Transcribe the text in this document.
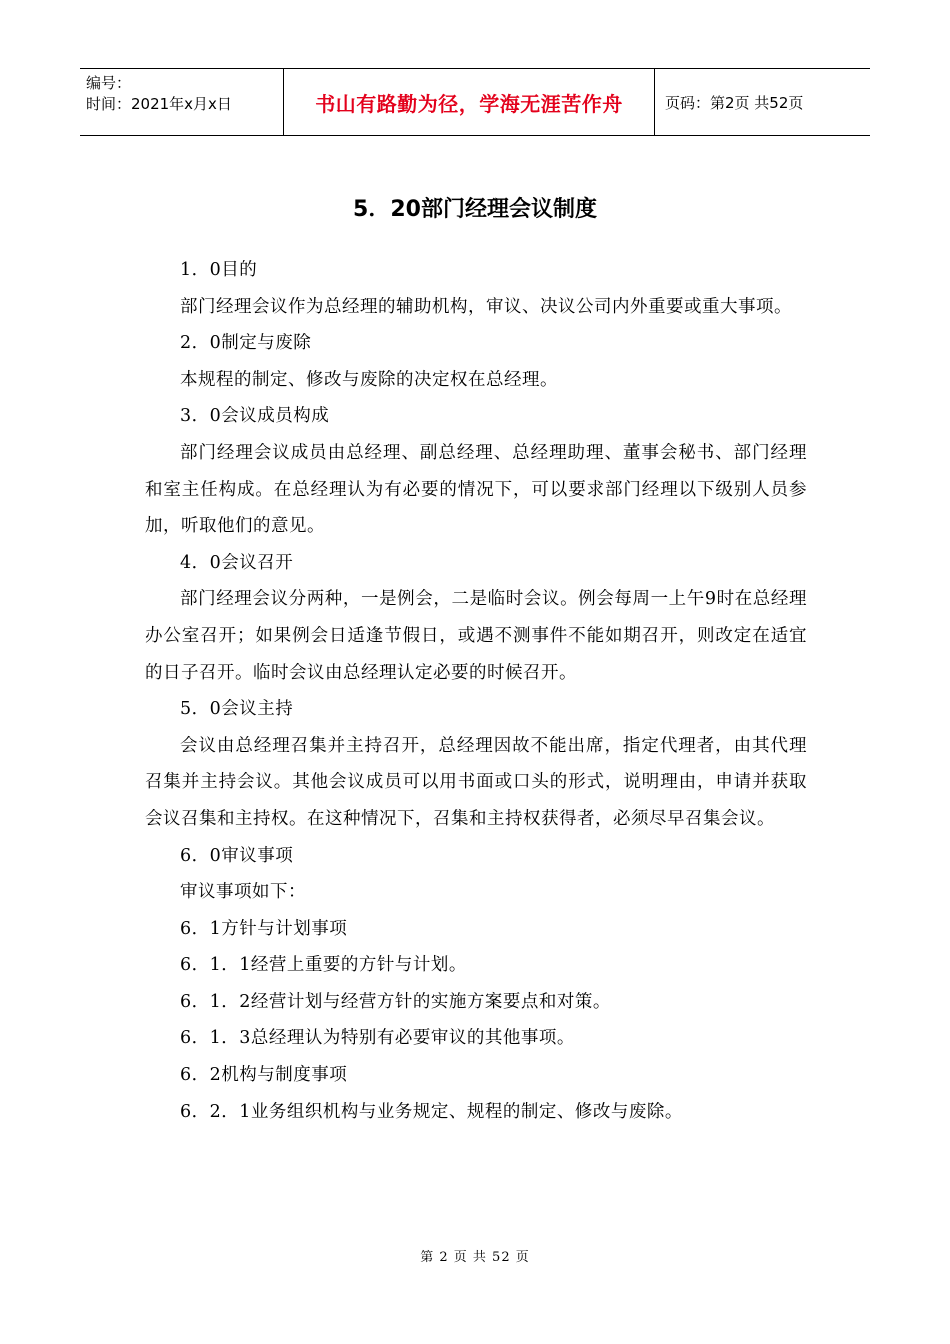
编号：
时间：2021年x月x日	书山有路勤为径，学海无涯苦作舟	页码：第2页 共52页
5．20部门经理会议制度

1．0目的

部门经理会议作为总经理的辅助机构，审议、决议公司内外重要或重大事项。

2．0制定与废除

本规程的制定、修改与废除的决定权在总经理。

3．0会议成员构成

部门经理会议成员由总经理、副总经理、总经理助理、董事会秘书、部门经理和室主任构成。在总经理认为有必要的情况下，可以要求部门经理以下级别人员参加，听取他们的意见。

4．0会议召开

部门经理会议分两种，一是例会，二是临时会议。例会每周一上午9时在总经理办公室召开；如果例会日适逢节假日，或遇不测事件不能如期召开，则改定在适宜的日子召开。临时会议由总经理认定必要的时候召开。

5．0会议主持

会议由总经理召集并主持召开，总经理因故不能出席，指定代理者，由其代理召集并主持会议。其他会议成员可以用书面或口头的形式，说明理由，申请并获取会议召集和主持权。在这种情况下，召集和主持权获得者，必须尽早召集会议。

6．0审议事项

审议事项如下：

6．1方针与计划事项

6．1．1经营上重要的方针与计划。

6．1．2经营计划与经营方针的实施方案要点和对策。

6．1．3总经理认为特别有必要审议的其他事项。

6．2机构与制度事项

6．2．1业务组织机构与业务规定、规程的制定、修改与废除。

第 2 页 共 52 页
